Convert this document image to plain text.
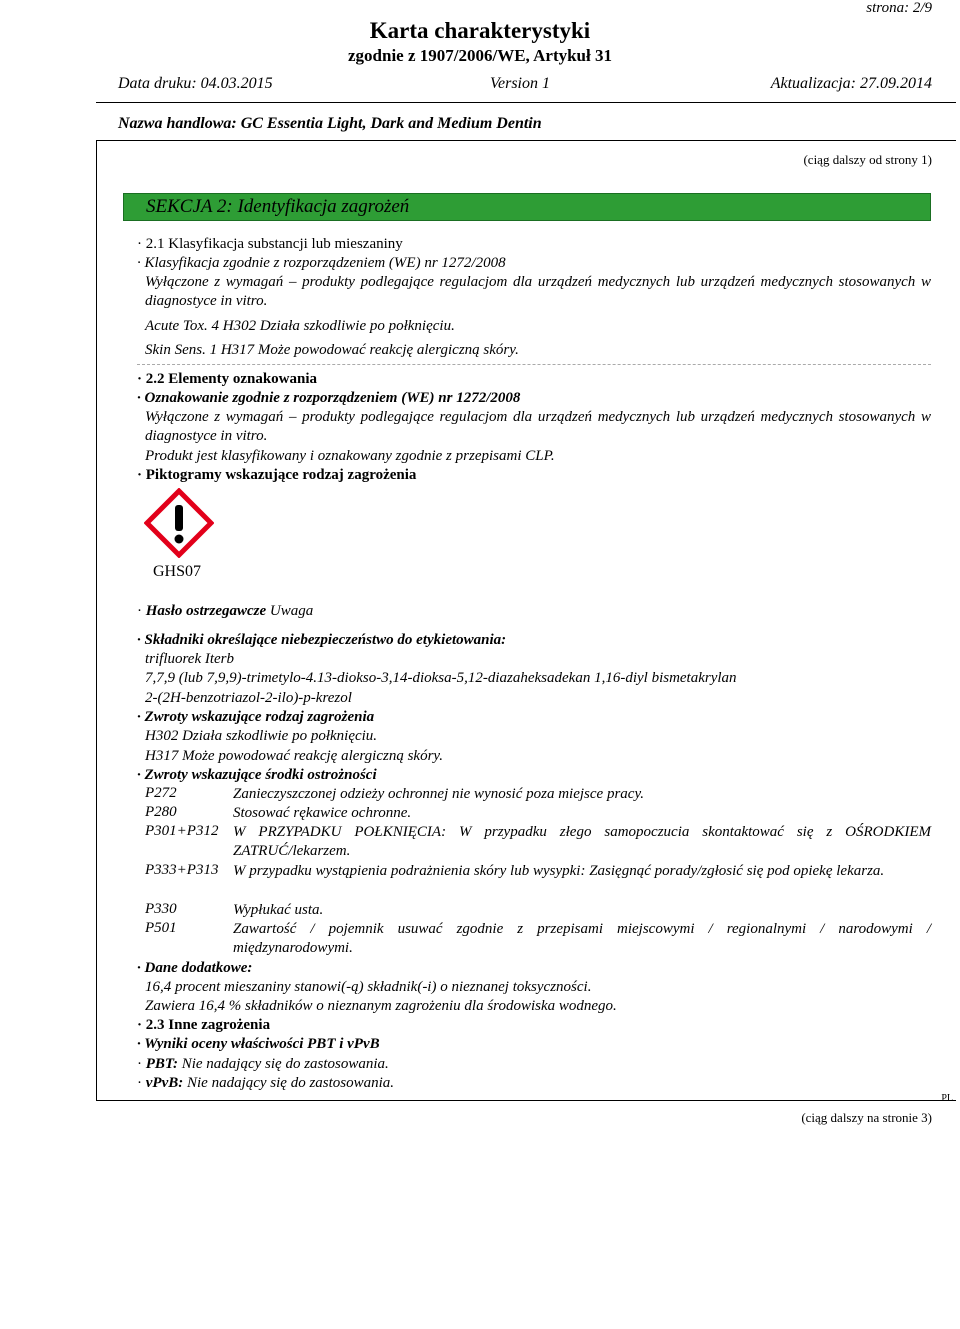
strona: 2/9
Karta charakterystyki
zgodnie z 1907/2006/WE, Artykuł 31
Data druku: 04.03.2015	Version 1	Aktualizacja: 27.09.2014
Nazwa handlowa: GC Essentia Light, Dark and Medium Dentin
(ciąg dalszy od strony 1)
SEKCJA 2: Identyfikacja zagrożeń
· 2.1 Klasyfikacja substancji lub mieszaniny
· Klasyfikacja zgodnie z rozporządzeniem (WE) nr 1272/2008
Wyłączone z wymagań – produkty podlegające regulacjom dla urządzeń medycznych lub urządzeń medycznych stosowanych w diagnostyce in vitro.
Acute Tox. 4 H302 Działa szkodliwie po połknięciu.
Skin Sens. 1 H317 Może powodować reakcję alergiczną skóry.
· 2.2 Elementy oznakowania
· Oznakowanie zgodnie z rozporządzeniem (WE) nr 1272/2008
Wyłączone z wymagań – produkty podlegające regulacjom dla urządzeń medycznych lub urządzeń medycznych stosowanych w diagnostyce in vitro.
Produkt jest klasyfikowany i oznakowany zgodnie z przepisami CLP.
· Piktogramy wskazujące rodzaj zagrożenia
GHS07
· Hasło ostrzegawcze Uwaga
· Składniki określające niebezpieczeństwo do etykietowania:
trifluorek Iterb
7,7,9 (lub 7,9,9)-trimetylo-4.13-diokso-3,14-dioksa-5,12-diazaheksadekan 1,16-diyl bismetakrylan
2-(2H-benzotriazol-2-ilo)-p-krezol
· Zwroty wskazujące rodzaj zagrożenia
H302 Działa szkodliwie po połknięciu.
H317 Może powodować reakcję alergiczną skóry.
· Zwroty wskazujące środki ostrożności
P272	Zanieczyszczonej odzieży ochronnej nie wynosić poza miejsce pracy.
P280	Stosować rękawice ochronne.
P301+P312 W PRZYPADKU POŁKNIĘCIA: W przypadku złego samopoczucia skontaktować się z OŚRODKIEM ZATRUĆ/lekarzem.
P333+P313 W przypadku wystąpienia podrażnienia skóry lub wysypki: Zasięgnąć porady/zgłosić się pod opiekę lekarza.
P330	Wypłukać usta.
P501	Zawartość / pojemnik usuwać zgodnie z przepisami miejscowymi / regionalnymi / narodowymi / międzynarodowymi.
· Dane dodatkowe:
16,4 procent mieszaniny stanowi(-ą) składnik(-i) o nieznanej toksyczności.
Zawiera 16,4 % składników o nieznanym zagrożeniu dla środowiska wodnego.
· 2.3 Inne zagrożenia
· Wyniki oceny właściwości PBT i vPvB
· PBT: Nie nadający się do zastosowania.
· vPvB: Nie nadający się do zastosowania.
PL
(ciąg dalszy na stronie 3)
